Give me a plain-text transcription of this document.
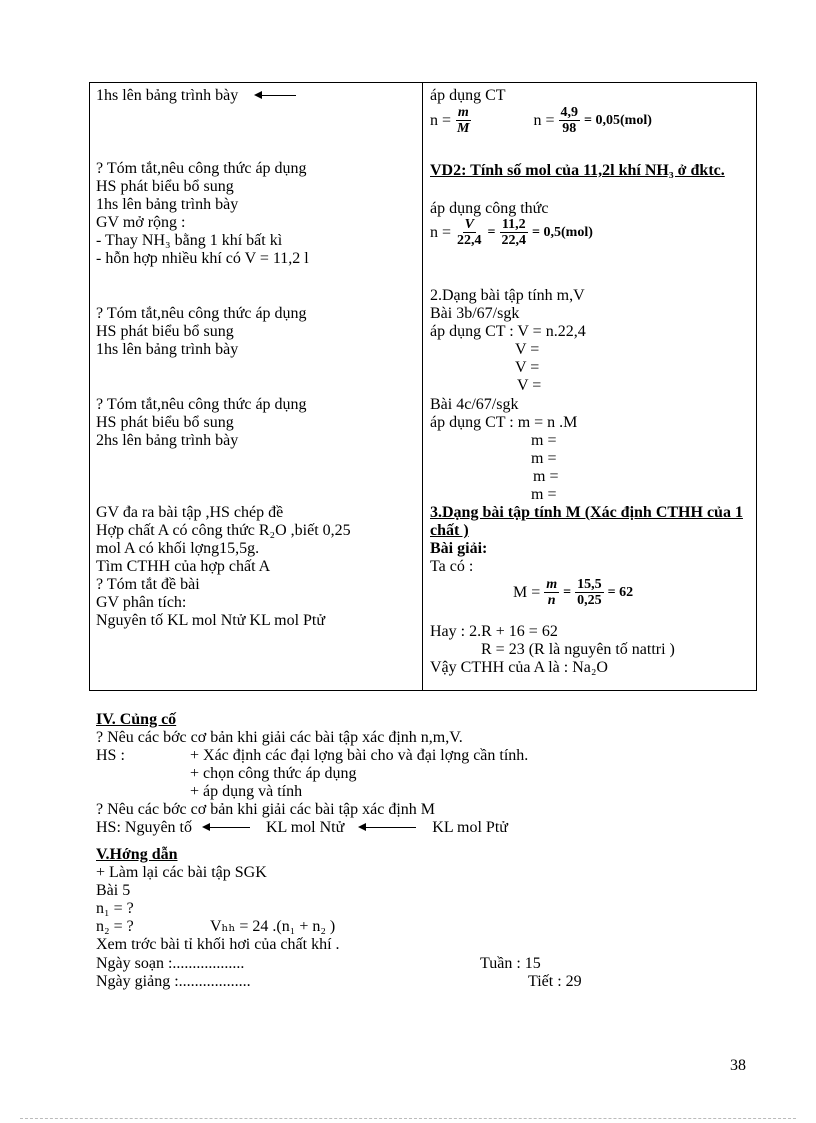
1hs lên bảng trình bày
? Tóm tắt,nêu công thức áp dụng
HS phát biểu bổ sung
1hs lên bảng trình bày
GV mở rộng :
- Thay NH₃ bằng 1 khí bất kì
- hỗn hợp nhiều khí có V = 11,2 l
? Tóm tắt,nêu công thức áp dụng
HS phát biểu bổ sung
1hs lên bảng trình bày
? Tóm tắt,nêu công thức áp dụng
HS phát biểu bổ sung
2hs lên bảng trình bày
GV đa ra bài tập ,HS chép đề
Hợp chất A có công thức R₂O ,biết 0,25
mol A có khối lợng15,5g.
Tìm CTHH của hợp chất A
? Tóm tắt đề bài
GV phân tích:
Nguyên tố KL mol Ntử KL mol Ptử

áp dụng CT
$n = \frac{m}{M}$	$n = \frac{4,9}{98} = 0,05(mol)$
VD2: Tính số mol của 11,2l khí NH₃ ở đktc.
áp dụng công thức
$n = \frac{V}{22,4} = \frac{11,2}{22,4} = 0,5(mol)$
2.Dạng bài tập tính m,V
Bài 3b/67/sgk
áp dụng CT : V = n.22,4
V =
V =
V =
Bài 4c/67/sgk
áp dụng CT : m = n .M
m =
m =
m =
m =
3.Dạng bài tập tính M (Xác định CTHH của 1 chất )
Bài giải:
Ta có :
$M = \frac{m}{n} = \frac{15,5}{0,25} = 62$
Hay : 2.R + 16 = 62
R = 23 (R là nguyên tố nattri )
Vậy CTHH của A là : Na₂O
IV. Củng cố
? Nêu các bớc cơ bản khi giải các bài tập xác định n,m,V.
HS :	+ Xác định các đại lợng bài cho và đại lợng cần tính.
+ chọn công thức áp dụng
+ áp dụng và tính
? Nêu các bớc cơ bản khi giải các bài tập xác định M
HS: Nguyên tố	KL mol Ntử	KL mol Ptử
V.Hớng dẫn
+ Làm lại các bài tập SGK
Bài 5
n₁ = ?
n₂ = ?	Vₕₕ = 24 .(n₁ + n₂ )
Xem trớc bài tỉ khối hơi của chất khí .
Ngày soạn :..................	Tuần : 15
Ngày giảng :..................	Tiết : 29
38
